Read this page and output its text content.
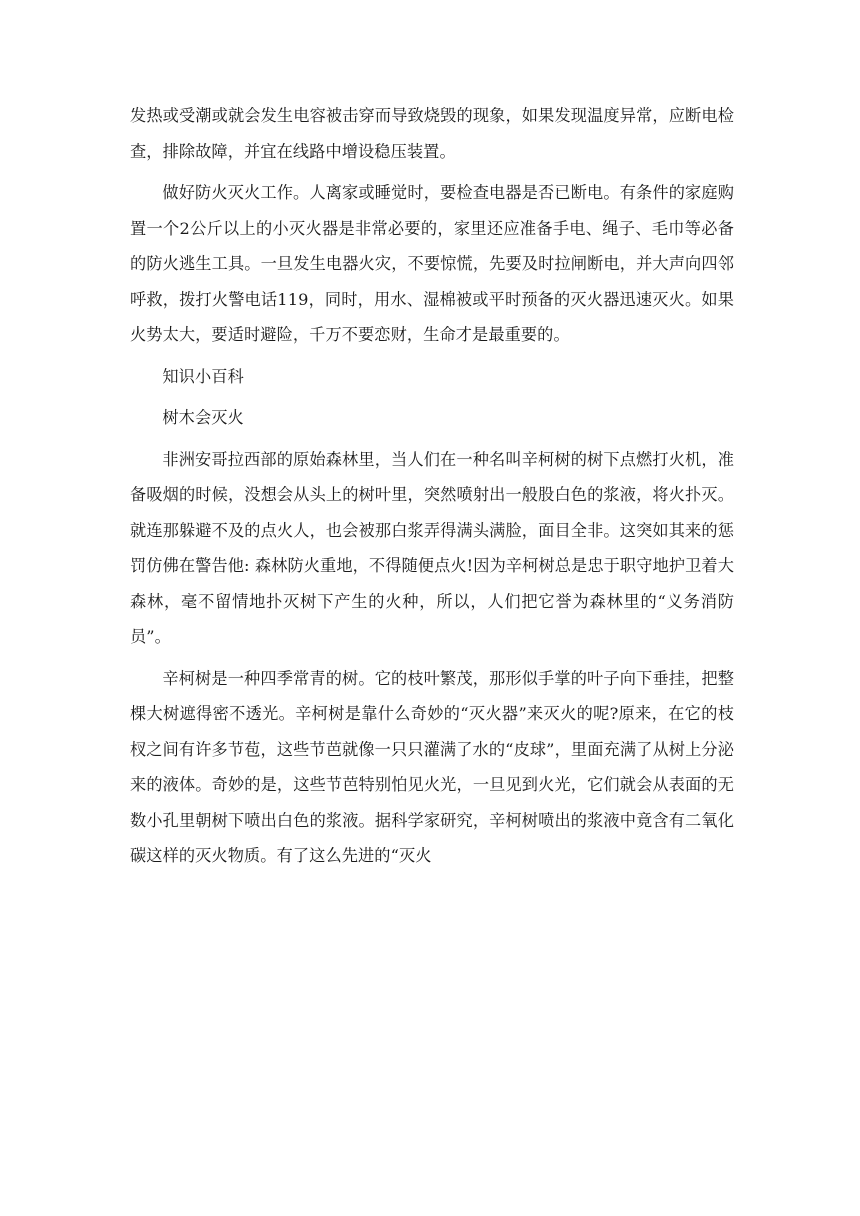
发热或受潮或就会发生电容被击穿而导致烧毁的现象，如果发现温度异常，应断电检查，排除故障，并宜在线路中增设稳压装置。

做好防火灭火工作。人离家或睡觉时，要检查电器是否已断电。有条件的家庭购置一个2公斤以上的小灭火器是非常必要的，家里还应准备手电、绳子、毛巾等必备的防火逃生工具。一旦发生电器火灾，不要惊慌，先要及时拉闸断电，并大声向四邻呼救，拨打火警电话119，同时，用水、湿棉被或平时预备的灭火器迅速灭火。如果火势太大，要适时避险，千万不要恋财，生命才是最重要的。

知识小百科

树木会灭火

非洲安哥拉西部的原始森林里，当人们在一种名叫辛柯树的树下点燃打火机，准备吸烟的时候，没想会从头上的树叶里，突然喷射出一般股白色的浆液，将火扑灭。就连那躲避不及的点火人，也会被那白浆弄得满头满脸，面目全非。这突如其来的惩罚仿佛在警告他: 森林防火重地，不得随便点火!因为辛柯树总是忠于职守地护卫着大森林，毫不留情地扑灭树下产生的火种，所以，人们把它誉为森林里的“义务消防员”。

辛柯树是一种四季常青的树。它的枝叶繁茂，那形似手掌的叶子向下垂挂，把整棵大树遮得密不透光。辛柯树是靠什么奇妙的“灭火器”来灭火的呢?原来，在它的枝杈之间有许多节苞，这些节芭就像一只只灌满了水的“皮球”，里面充满了从树上分泌来的液体。奇妙的是，这些节芭特别怕见火光，一旦见到火光，它们就会从表面的无数小孔里朝树下喷出白色的浆液。据科学家研究，辛柯树喷出的浆液中竟含有二氧化碳这样的灭火物质。有了这么先进的“灭火
